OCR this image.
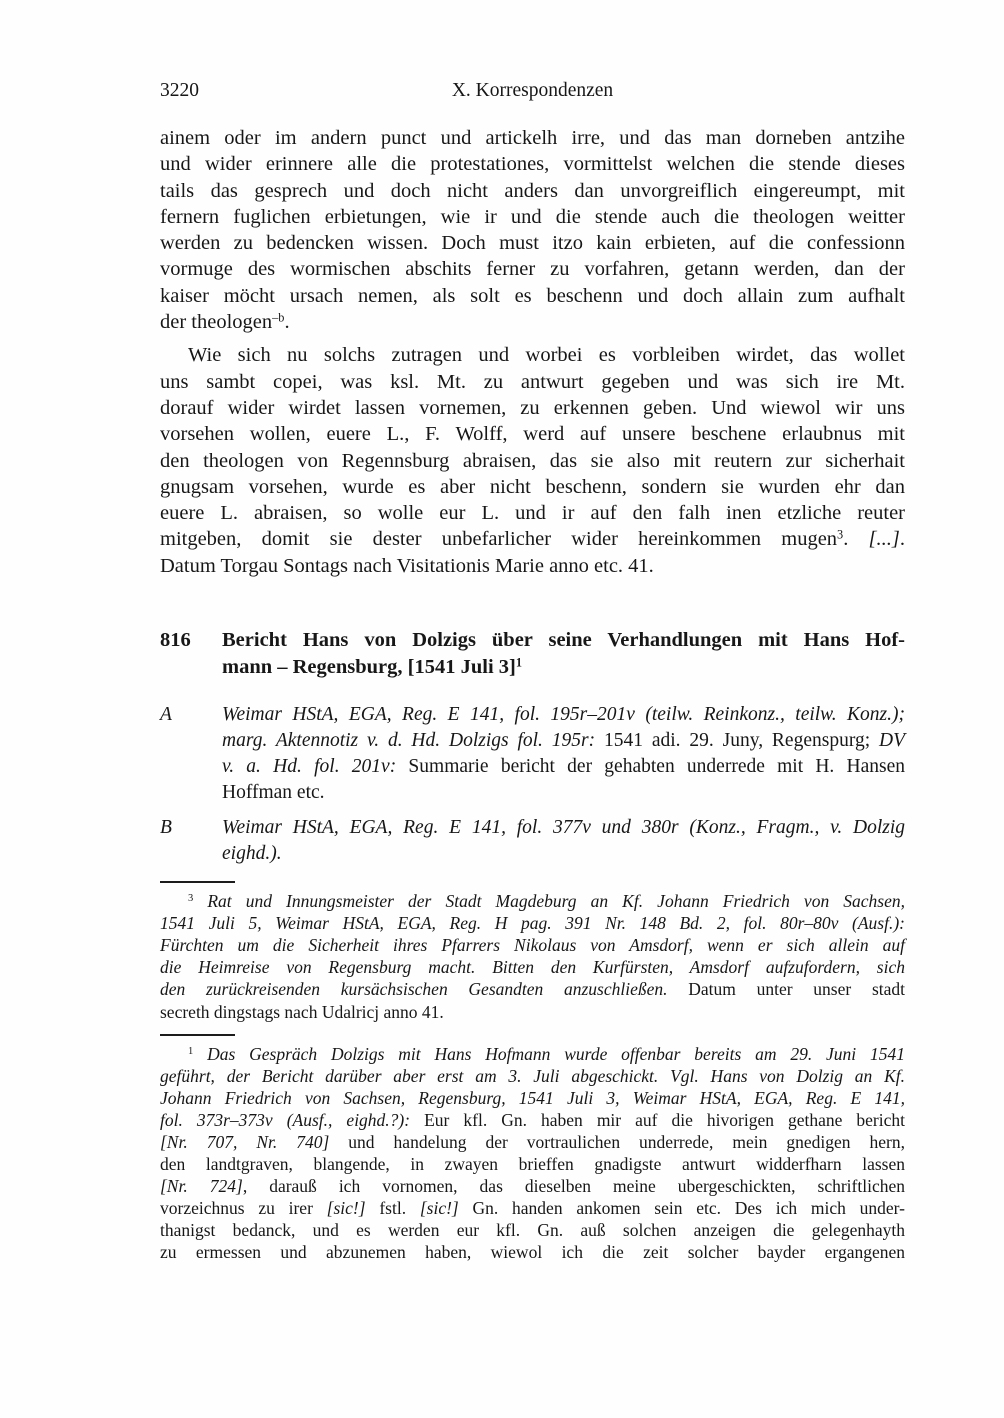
3220	X. Korrespondenzen
ainem oder im andern punct und artickelh irre, und das man dorneben antzihe
und wider erinnere alle die protestationes, vormittelst welchen die stende dieses
tails das gesprech und doch nicht anders dan unvorgreiflich eingereumpt, mit
fernern fuglichen erbietungen, wie ir und die stende auch die theologen weitter
werden zu bedencken wissen. Doch must itzo kain erbieten, auf die confessionn
vormuge des wormischen abschits ferner zu vorfahren, getann werden, dan der
kaiser möcht ursach nemen, als solt es beschenn und doch allain zum aufhalt
der theologen$^{-b}$.
Wie sich nu solchs zutragen und worbei es vorbleiben wirdet, das wollet
uns sambt copei, was ksl. Mt. zu antwurt gegeben und was sich ire Mt.
dorauf wider wirdet lassen vornemen, zu erkennen geben. Und wiewol wir uns
vorsehen wollen, euere L., F. Wolff, werd auf unsere beschene erlaubnus mit
den theologen von Regennsburg abraisen, das sie also mit reutern zur sicherhait
gnugsam vorsehen, wurde es aber nicht beschenn, sondern sie wurden ehr dan
euere L. abraisen, so wolle eur L. und ir auf den falh inen etzliche reuter
mitgeben, domit sie dester unbefarlicher wider hereinkommen mugen$^3$. [...].
Datum Torgau Sontags nach Visitationis Marie anno etc. 41.
816	Bericht Hans von Dolzigs über seine Verhandlungen mit Hans Hof-
mann – Regensburg, [1541 Juli 3]$^1$
A	Weimar HStA, EGA, Reg. E 141, fol. 195r–201v (teilw. Reinkonz., teilw. Konz.);
marg. Aktennotiz v. d. Hd. Dolzigs fol. 195r: 1541 adi. 29. Juny, Regenspurg; DV
v. a. Hd. fol. 201v: Summarie bericht der gehabten underrede mit H. Hansen
Hoffman etc.
B	Weimar HStA, EGA, Reg. E 141, fol. 377v und 380r (Konz., Fragm., v. Dolzig
eighd.).
$^3$ Rat und Innungsmeister der Stadt Magdeburg an Kf. Johann Friedrich von Sachsen,
1541 Juli 5, Weimar HStA, EGA, Reg. H pag. 391 Nr. 148 Bd. 2, fol. 80r–80v (Ausf.):
Fürchten um die Sicherheit ihres Pfarrers Nikolaus von Amsdorf, wenn er sich allein auf
die Heimreise von Regensburg macht. Bitten den Kurfürsten, Amsdorf aufzufordern, sich
den zurückreisenden kursächsischen Gesandten anzuschließen. Datum unter unser stadt
secreth dingstags nach Udalricj anno 41.
$^1$ Das Gespräch Dolzigs mit Hans Hofmann wurde offenbar bereits am 29. Juni 1541
geführt, der Bericht darüber aber erst am 3. Juli abgeschickt. Vgl. Hans von Dolzig an Kf.
Johann Friedrich von Sachsen, Regensburg, 1541 Juli 3, Weimar HStA, EGA, Reg. E 141,
fol. 373r–373v (Ausf., eighd.?): Eur kfl. Gn. haben mir auf die hivorigen gethane bericht
[Nr. 707, Nr. 740] und handelung der vortraulichen underrede, mein gnedigen hern,
den landtgraven, blangende, in zwayen brieffen gnadigste antwurt widderfharn lassen
[Nr. 724], darauß ich vornomen, das dieselben meine ubergeschickten, schriftlichen
vorzeichnus zu irer [sic!] fstl. [sic!] Gn. handen ankomen sein etc. Des ich mich under-
thanigst bedanck, und es werden eur kfl. Gn. auß solchen anzeigen die gelegenhayth
zu ermessen und abzunemen haben, wiewol ich die zeit solcher bayder ergangenen
